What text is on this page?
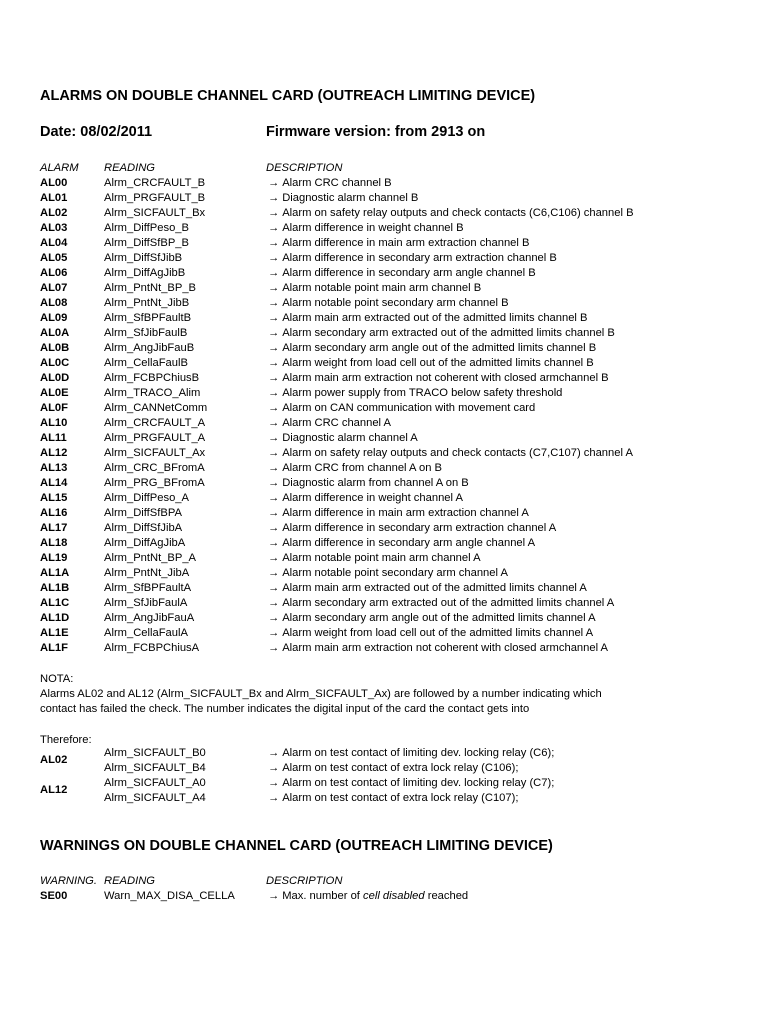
ALARMS ON DOUBLE CHANNEL CARD (OUTREACH LIMITING DEVICE)
Date: 08/02/2011	Firmware version: from 2913 on
ALARM READING	DESCRIPTION
AL00	Alrm_CRCFAULT_B	→ Alarm CRC channel B
AL01	Alrm_PRGFAULT_B	→ Diagnostic alarm channel B
AL02	Alrm_SICFAULT_Bx	→ Alarm on safety relay outputs and check contacts (C6,C106) channel B
AL03	Alrm_DiffPeso_B	→ Alarm difference in weight channel B
AL04	Alrm_DiffSfBP_B	→ Alarm difference in main arm extraction channel B
AL05	Alrm_DiffSfJibB	→ Alarm difference in secondary arm extraction channel B
AL06	Alrm_DiffAgJibB	→ Alarm difference in secondary arm angle channel B
AL07	Alrm_PntNt_BP_B	→ Alarm notable point main arm channel B
AL08	Alrm_PntNt_JibB	→ Alarm notable point secondary arm channel B
AL09	Alrm_SfBPFaultB	→ Alarm main arm extracted out of the admitted limits channel B
AL0A	Alrm_SfJibFaulB	→ Alarm secondary arm extracted out of the admitted limits channel B
AL0B	Alrm_AngJibFauB	→ Alarm secondary arm angle out of the admitted limits channel B
AL0C	Alrm_CellaFaulB	→ Alarm weight from load cell out of the admitted limits channel B
AL0D	Alrm_FCBPChiusB	→ Alarm main arm extraction not coherent with closed armchannel B
AL0E	Alrm_TRACO_Alim	→ Alarm power supply from TRACO below safety threshold
AL0F	Alrm_CANNetComm	→ Alarm on CAN communication with movement card
AL10	Alrm_CRCFAULT_A	→ Alarm CRC channel A
AL11	Alrm_PRGFAULT_A	→ Diagnostic alarm channel A
AL12	Alrm_SICFAULT_Ax	→ Alarm on safety relay outputs and check contacts (C7,C107) channel A
AL13	Alrm_CRC_BFromA	→ Alarm CRC from channel A on B
AL14	Alrm_PRG_BFromA	→ Diagnostic alarm from channel A on B
AL15	Alrm_DiffPeso_A	→ Alarm difference in weight channel A
AL16	Alrm_DiffSfBPA	→ Alarm difference in main arm extraction channel A
AL17	Alrm_DiffSfJibA	→ Alarm difference in secondary arm extraction channel A
AL18	Alrm_DiffAgJibA	→ Alarm difference in secondary arm angle channel A
AL19	Alrm_PntNt_BP_A	→ Alarm notable point main arm channel A
AL1A	Alrm_PntNt_JibA	→ Alarm notable point secondary arm channel A
AL1B	Alrm_SfBPFaultA	→ Alarm main arm extracted out of the admitted limits channel A
AL1C	Alrm_SfJibFaulA	→ Alarm secondary arm extracted out of the admitted limits channel A
AL1D	Alrm_AngJibFauA	→ Alarm secondary arm angle out of the admitted limits channel A
AL1E	Alrm_CellaFaulA	→ Alarm weight from load cell out of the admitted limits channel A
AL1F	Alrm_FCBPChiusA	→ Alarm main arm extraction not coherent with closed armchannel A
NOTA:
Alarms AL02 and AL12 (Alrm_SICFAULT_Bx and Alrm_SICFAULT_Ax) are followed by a number indicating which
contact has failed the check. The number indicates the digital input of the card the contact gets into
Therefore:
AL02
Alrm_SICFAULT_B0	→ Alarm on test contact of limiting dev. locking relay (C6);
Alrm_SICFAULT_B4	→ Alarm on test contact of extra lock relay (C106);
AL12
Alrm_SICFAULT_A0	→ Alarm on test contact of limiting dev. locking relay (C7);
Alrm_SICFAULT_A4	→ Alarm on test contact of extra lock relay (C107);
WARNINGS ON DOUBLE CHANNEL CARD (OUTREACH LIMITING DEVICE)
WARNING. READING	DESCRIPTION
SE00	Warn_MAX_DISA_CELLA	→ Max. number of cell disabled reached
